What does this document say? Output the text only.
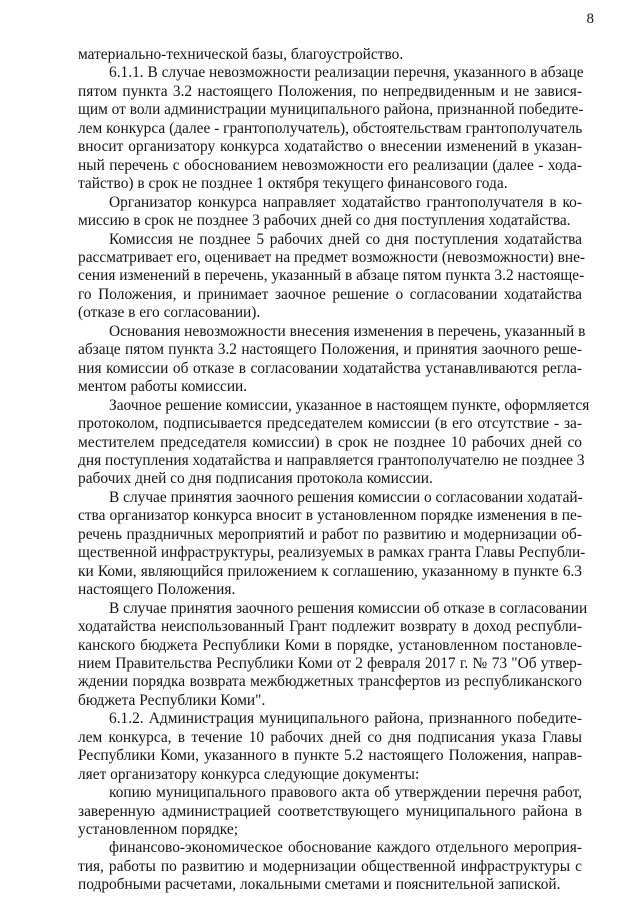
8
материально-технической базы, благоустройство.
6.1.1. В случае невозможности реализации перечня, указанного в абзаце
пятом пункта 3.2 настоящего Положения, по непредвиденным и не завися-
щим от воли администрации муниципального района, признанной победите-
лем конкурса (далее - грантополучатель), обстоятельствам грантополучатель
вносит организатору конкурса ходатайство о внесении изменений в указан-
ный перечень с обоснованием невозможности его реализации (далее - хода-
тайство) в срок не позднее 1 октября текущего финансового года.
Организатор конкурса направляет ходатайство грантополучателя в ко-
миссию в срок не позднее 3 рабочих дней со дня поступления ходатайства.
Комиссия не позднее 5 рабочих дней со дня поступления ходатайства
рассматривает его, оценивает на предмет возможности (невозможности) вне-
сения изменений в перечень, указанный в абзаце пятом пункта 3.2 настояще-
го Положения, и принимает заочное решение о согласовании ходатайства
(отказе в его согласовании).
Основания невозможности внесения изменения в перечень, указанный в
абзаце пятом пункта 3.2 настоящего Положения, и принятия заочного реше-
ния комиссии об отказе в согласовании ходатайства устанавливаются регла-
ментом работы комиссии.
Заочное решение комиссии, указанное в настоящем пункте, оформляется
протоколом, подписывается председателем комиссии (в его отсутствие - за-
местителем председателя комиссии) в срок не позднее 10 рабочих дней со
дня поступления ходатайства и направляется грантополучателю не позднее 3
рабочих дней со дня подписания протокола комиссии.
В случае принятия заочного решения комиссии о согласовании ходатай-
ства организатор конкурса вносит в установленном порядке изменения в пе-
речень праздничных мероприятий и работ по развитию и модернизации об-
щественной инфраструктуры, реализуемых в рамках гранта Главы Республи-
ки Коми, являющийся приложением к соглашению, указанному в пункте 6.3
настоящего Положения.
В случае принятия заочного решения комиссии об отказе в согласовании
ходатайства неиспользованный Грант подлежит возврату в доход республи-
канского бюджета Республики Коми в порядке, установленном постановле-
нием Правительства Республики Коми от 2 февраля 2017 г. № 73 "Об утвер-
ждении порядка возврата межбюджетных трансфертов из республиканского
бюджета Республики Коми".
6.1.2. Администрация муниципального района, признанного победите-
лем конкурса, в течение 10 рабочих дней со дня подписания указа Главы
Республики Коми, указанного в пункте 5.2 настоящего Положения, направ-
ляет организатору конкурса следующие документы:
копию муниципального правового акта об утверждении перечня работ,
заверенную администрацией соответствующего муниципального района в
установленном порядке;
финансово-экономическое обоснование каждого отдельного мероприя-
тия, работы по развитию и модернизации общественной инфраструктуры с
подробными расчетами, локальными сметами и пояснительной запиской.
